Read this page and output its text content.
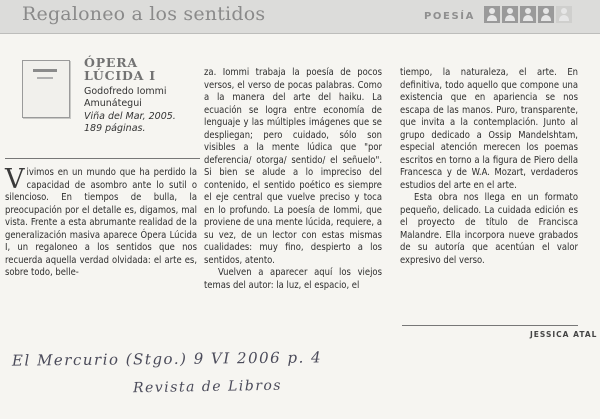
Regaloneo a los sentidos	POESÍA
ÓPERA
LÚCIDA I
Godofredo Iommi
Amunátegui
Viña del Mar, 2005.
189 páginas.

Vivimos en un mundo que ha perdido la capacidad de asombro ante lo sutil o silencioso. En tiempos de bulla, la preocupación por el detalle es, digamos, mal vista. Frente a esta abrumante realidad de la generalización masiva aparece Ópera Lúcida I, un regaloneo a los sentidos que nos recuerda aquella verdad olvidada: el arte es, sobre todo, belle-

za. Iommi trabaja la poesía de pocos versos, el verso de pocas palabras. Como a la manera del arte del haiku. La ecuación se logra entre economía de lenguaje y las múltiples imágenes que se despliegan; pero cuidado, sólo son visibles a la mente lúdica que "por deferencia/ otorga/ sentido/ el señuelo". Si bien se alude a lo impreciso del contenido, el sentido poético es siempre el eje central que vuelve preciso y toca en lo profundo. La poesía de Iommi, que proviene de una mente lúcida, requiere, a su vez, de un lector con estas mismas cualidades: muy fino, despierto a los sentidos, atento.

Vuelven a aparecer aquí los viejos temas del autor: la luz, el espacio, el

tiempo, la naturaleza, el arte. En definitiva, todo aquello que compone una existencia que en apariencia se nos escapa de las manos. Puro, transparente, que invita a la contemplación. Junto al grupo dedicado a Ossip Mandelshtam, especial atención merecen los poemas escritos en torno a la figura de Piero della Francesca y de W.A. Mozart, verdaderos estudios del arte en el arte.

Esta obra nos llega en un formato pequeño, delicado. La cuidada edición es el proyecto de título de Francisca Malandre. Ella incorpora nueve grabados de su autoría que acentúan el valor expresivo del verso.

JESSICA ATAL
El Mercurio (Stgo.) 9 VI 2006 p. 4
Revista de Libros
